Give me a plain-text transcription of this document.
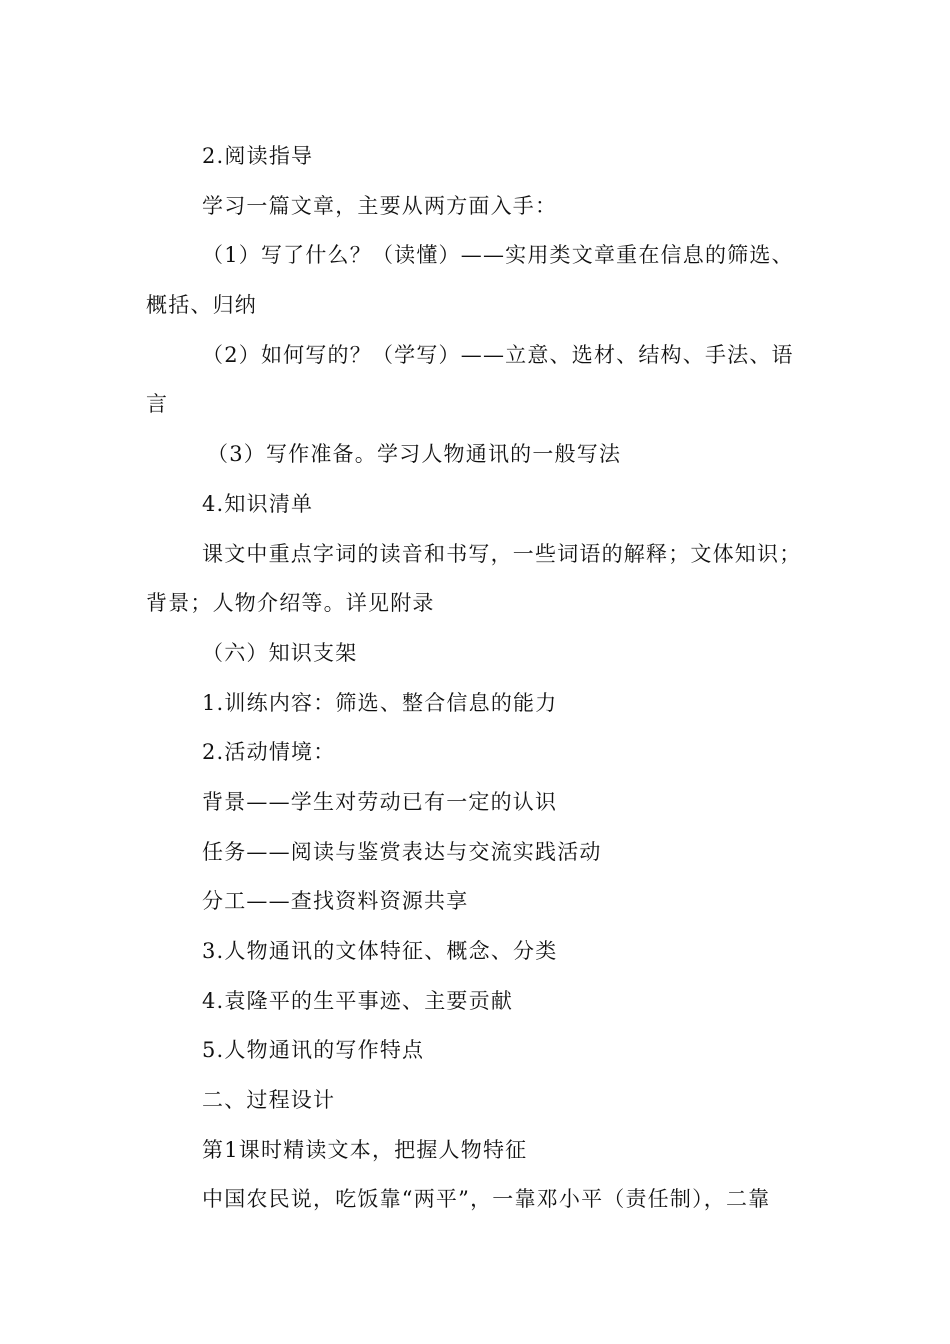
2.阅读指导
学习一篇文章，主要从两方面入手：
（1）写了什么？（读懂）——实用类文章重在信息的筛选、
概括、归纳
（2）如何写的？（学写）——立意、选材、结构、手法、语
言
（3）写作准备。学习人物通讯的一般写法
4.知识清单
课文中重点字词的读音和书写，一些词语的解释；文体知识；
背景；人物介绍等。详见附录
（六）知识支架
1.训练内容：筛选、整合信息的能力
2.活动情境：
背景——学生对劳动已有一定的认识
任务——阅读与鉴赏表达与交流实践活动
分工——查找资料资源共享
3.人物通讯的文体特征、概念、分类
4.袁隆平的生平事迹、主要贡献
5.人物通讯的写作特点
二、过程设计
第1课时精读文本，把握人物特征
中国农民说，吃饭靠“两平”，一靠邓小平（责任制），二靠
